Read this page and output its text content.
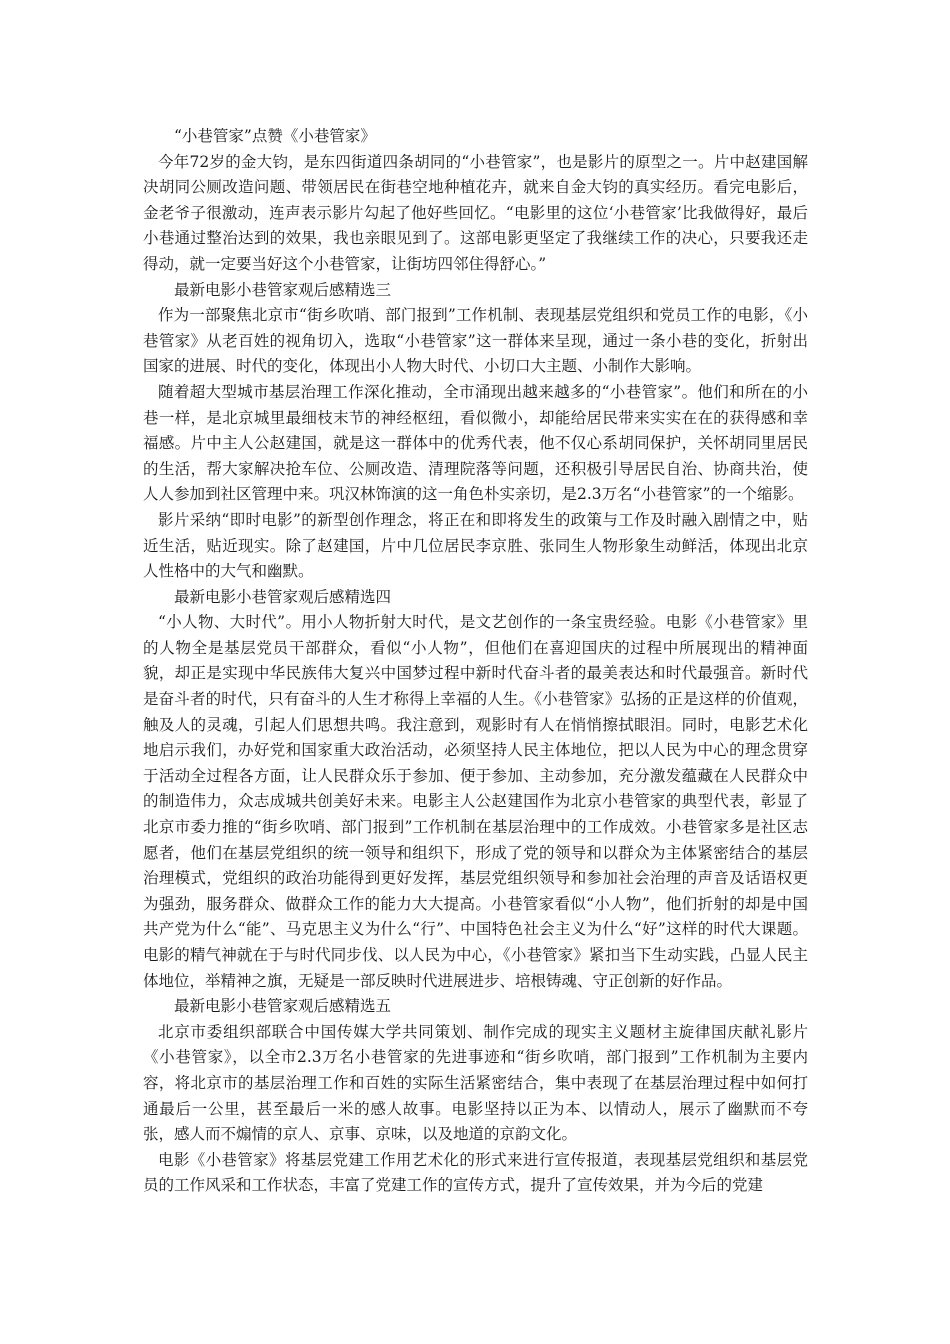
“小巷管家”点赞《小巷管家》

今年72岁的金大钧，是东四街道四条胡同的“小巷管家”，也是影片的原型之一。片中赵建国解决胡同公厕改造问题、带领居民在街巷空地种植花卉，就来自金大钧的真实经历。看完电影后，金老爷子很激动，连声表示影片勾起了他好些回忆。“电影里的这位‘小巷管家’比我做得好，最后小巷通过整治达到的效果，我也亲眼见到了。这部电影更坚定了我继续工作的决心，只要我还走得动，就一定要当好这个小巷管家，让街坊四邻住得舒心。”

最新电影小巷管家观后感精选三

作为一部聚焦北京市“街乡吹哨、部门报到”工作机制、表现基层党组织和党员工作的电影，《小巷管家》从老百姓的视角切入，选取“小巷管家”这一群体来呈现，通过一条小巷的变化，折射出国家的进展、时代的变化，体现出小人物大时代、小切口大主题、小制作大影响。

随着超大型城市基层治理工作深化推动，全市涌现出越来越多的“小巷管家”。他们和所在的小巷一样，是北京城里最细枝末节的神经枢纽，看似微小，却能给居民带来实实在在的获得感和幸福感。片中主人公赵建国，就是这一群体中的优秀代表，他不仅心系胡同保护，关怀胡同里居民的生活，帮大家解决抢车位、公厕改造、清理院落等问题，还积极引导居民自治、协商共治，使人人参加到社区管理中来。巩汉林饰演的这一角色朴实亲切，是2.3万名“小巷管家”的一个缩影。

影片采纳“即时电影”的新型创作理念，将正在和即将发生的政策与工作及时融入剧情之中，贴近生活，贴近现实。除了赵建国，片中几位居民李京胜、张同生人物形象生动鲜活，体现出北京人性格中的大气和幽默。

最新电影小巷管家观后感精选四

“小人物、大时代”。用小人物折射大时代，是文艺创作的一条宝贵经验。电影《小巷管家》里的人物全是基层党员干部群众，看似“小人物”，但他们在喜迎国庆的过程中所展现出的精神面貌，却正是实现中华民族伟大复兴中国梦过程中新时代奋斗者的最美表达和时代最强音。新时代是奋斗者的时代，只有奋斗的人生才称得上幸福的人生。《小巷管家》弘扬的正是这样的价值观，触及人的灵魂，引起人们思想共鸣。我注意到，观影时有人在悄悄擦拭眼泪。同时，电影艺术化地启示我们，办好党和国家重大政治活动，必须坚持人民主体地位，把以人民为中心的理念贯穿于活动全过程各方面，让人民群众乐于参加、便于参加、主动参加，充分激发蕴藏在人民群众中的制造伟力，众志成城共创美好未来。电影主人公赵建国作为北京小巷管家的典型代表，彰显了北京市委力推的“街乡吹哨、部门报到”工作机制在基层治理中的工作成效。小巷管家多是社区志愿者，他们在基层党组织的统一领导和组织下，形成了党的领导和以群众为主体紧密结合的基层治理模式，党组织的政治功能得到更好发挥，基层党组织领导和参加社会治理的声音及话语权更为强劲，服务群众、做群众工作的能力大大提高。小巷管家看似“小人物”，他们折射的却是中国共产党为什么“能”、马克思主义为什么“行”、中国特色社会主义为什么“好”这样的时代大课题。电影的精气神就在于与时代同步伐、以人民为中心，《小巷管家》紧扣当下生动实践，凸显人民主体地位，举精神之旗，无疑是一部反映时代进展进步、培根铸魂、守正创新的好作品。

最新电影小巷管家观后感精选五

北京市委组织部联合中国传媒大学共同策划、制作完成的现实主义题材主旋律国庆献礼影片《小巷管家》，以全市2.3万名小巷管家的先进事迹和“街乡吹哨，部门报到”工作机制为主要内容，将北京市的基层治理工作和百姓的实际生活紧密结合，集中表现了在基层治理过程中如何打通最后一公里，甚至最后一米的感人故事。电影坚持以正为本、以情动人，展示了幽默而不夸张，感人而不煽情的京人、京事、京味，以及地道的京韵文化。

电影《小巷管家》将基层党建工作用艺术化的形式来进行宣传报道，表现基层党组织和基层党员的工作风采和工作状态，丰富了党建工作的宣传方式，提升了宣传效果，并为今后的党建
